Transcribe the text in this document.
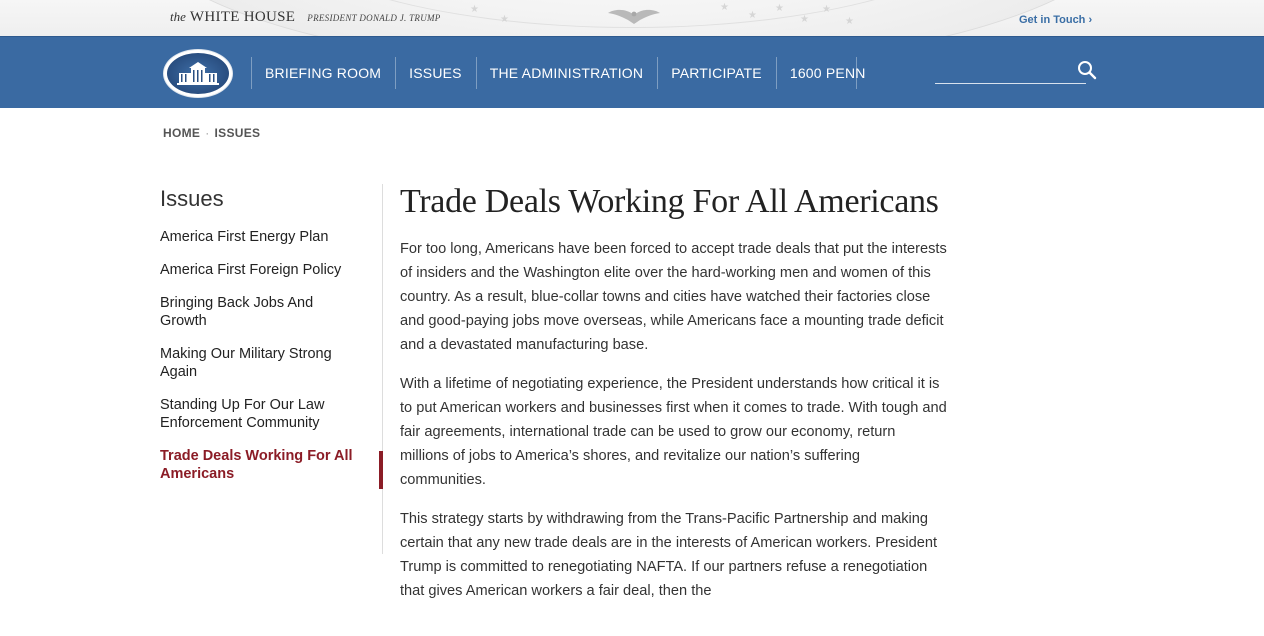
★
★
★
★
★
★
★
★
the WHITE HOUSE PRESIDENT DONALD J. TRUMP	Get in Touch ›
BRIEFING ROOM	ISSUES	THE ADMINISTRATION	PARTICIPATE	1600 PENN
HOME · ISSUES
Issues
America First Energy Plan
America First Foreign Policy
Bringing Back Jobs And Growth
Making Our Military Strong Again
Standing Up For Our Law Enforcement Community
Trade Deals Working For All Americans
Trade Deals Working For All Americans

For too long, Americans have been forced to accept trade deals that put the interests of insiders and the Washington elite over the hard-working men and women of this country. As a result, blue-collar towns and cities have watched their factories close and good-paying jobs move overseas, while Americans face a mounting trade deficit and a devastated manufacturing base.

With a lifetime of negotiating experience, the President understands how critical it is to put American workers and businesses first when it comes to trade. With tough and fair agreements, international trade can be used to grow our economy, return millions of jobs to America’s shores, and revitalize our nation’s suffering communities.

This strategy starts by withdrawing from the Trans-Pacific Partnership and making certain that any new trade deals are in the interests of American workers. President Trump is committed to renegotiating NAFTA. If our partners refuse a renegotiation that gives American workers a fair deal, then the
